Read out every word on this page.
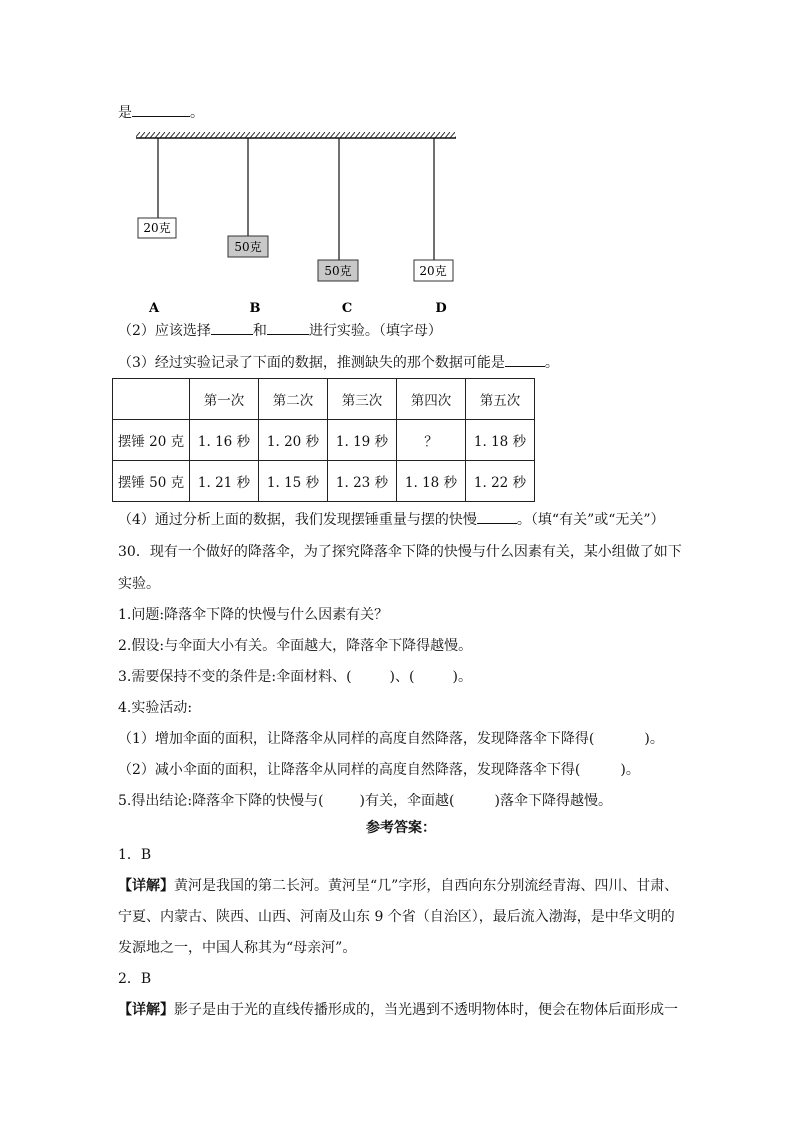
是	。
20克
A
50克
B
50克
C
20克
D
（2）应该选择	和	进行实验。（填字母）
（3）经过实验记录了下面的数据，推测缺失的那个数据可能是	。
	第一次	第二次	第三次	第四次	第五次
摆锤 20 克	1. 16 秒	1. 20 秒	1. 19 秒	？	1. 18 秒
摆锤 50 克	1. 21 秒	1. 15 秒	1. 23 秒	1. 18 秒	1. 22 秒
（4）通过分析上面的数据，我们发现摆锤重量与摆的快慢	。（填“有关”或“无关”）
30．现有一个做好的降落伞，为了探究降落伞下降的快慢与什么因素有关，某小组做了如下
实验。
1.问题:降落伞下降的快慢与什么因素有关？
2.假设:与伞面大小有关。伞面越大，降落伞下降得越慢。
3.需要保持不变的条件是:伞面材料、(	)、(	)。
4.实验活动:
（1）增加伞面的面积，让降落伞从同样的高度自然降落，发现降落伞下降得(	)。
（2）减小伞面的面积，让降落伞从同样的高度自然降落，发现降落伞下得(	)。
5.得出结论:降落伞下降的快慢与(	)有关，伞面越(	)落伞下降得越慢。
参考答案：
1．B
【详解】黄河是我国的第二长河。黄河呈“几”字形，自西向东分别流经青海、四川、甘肃、
宁夏、内蒙古、陕西、山西、河南及山东 9 个省（自治区），最后流入渤海，是中华文明的
发源地之一，中国人称其为“母亲河”。
2．B
【详解】影子是由于光的直线传播形成的，当光遇到不透明物体时，便会在物体后面形成一
